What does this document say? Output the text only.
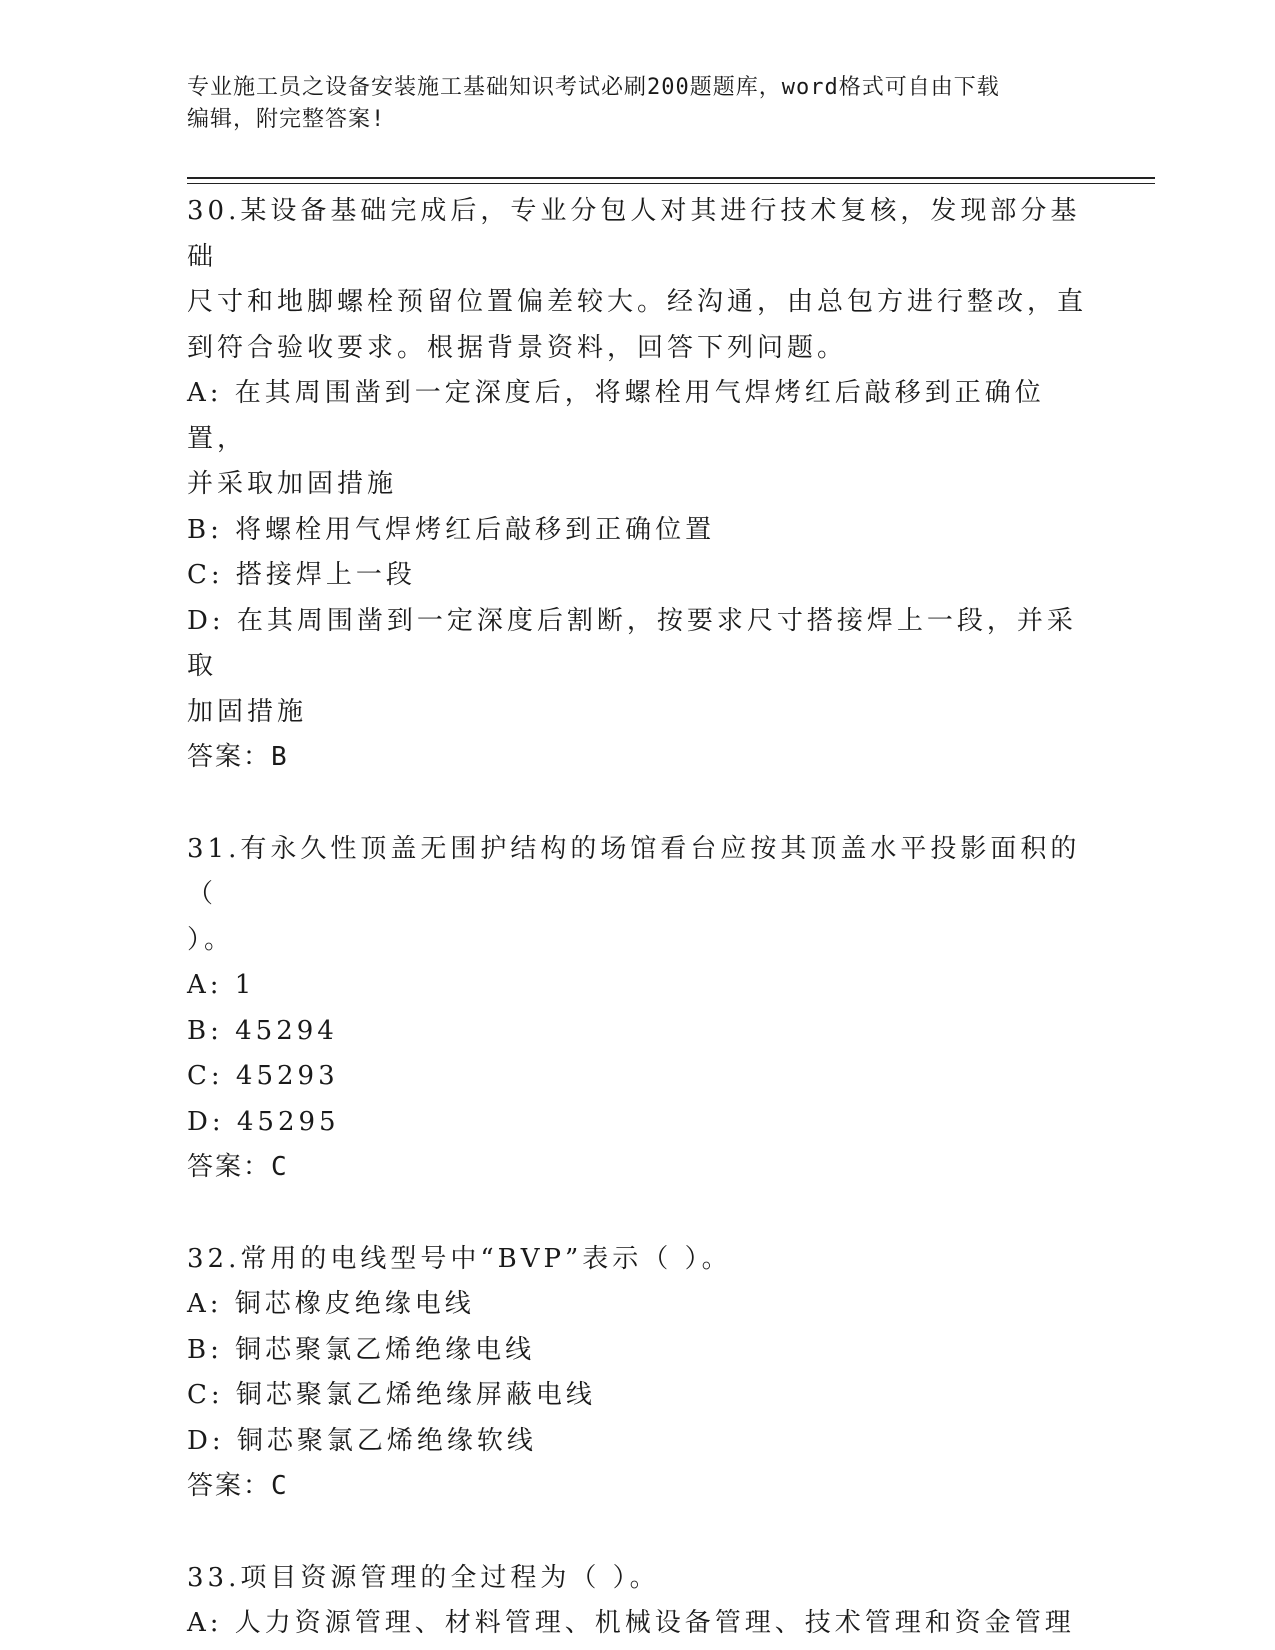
专业施工员之设备安装施工基础知识考试必刷200题题库，word格式可自由下载
编辑，附完整答案!
30.某设备基础完成后，专业分包人对其进行技术复核，发现部分基础
尺寸和地脚螺栓预留位置偏差较大。经沟通，由总包方进行整改，直
到符合验收要求。根据背景资料，回答下列问题。
A: 在其周围凿到一定深度后，将螺栓用气焊烤红后敲移到正确位置，
并采取加固措施
B: 将螺栓用气焊烤红后敲移到正确位置
C: 搭接焊上一段
D: 在其周围凿到一定深度后割断，按要求尺寸搭接焊上一段，并采取
加固措施
答案：B
31.有永久性顶盖无围护结构的场馆看台应按其顶盖水平投影面积的（
）。
A: 1
B: 45294
C: 45293
D: 45295
答案：C
32.常用的电线型号中“BVP”表示（ ）。
A: 铜芯橡皮绝缘电线
B: 铜芯聚氯乙烯绝缘电线
C: 铜芯聚氯乙烯绝缘屏蔽电线
D: 铜芯聚氯乙烯绝缘软线
答案：C
33.项目资源管理的全过程为（ ）。
A: 人力资源管理、材料管理、机械设备管理、技术管理和资金管理
